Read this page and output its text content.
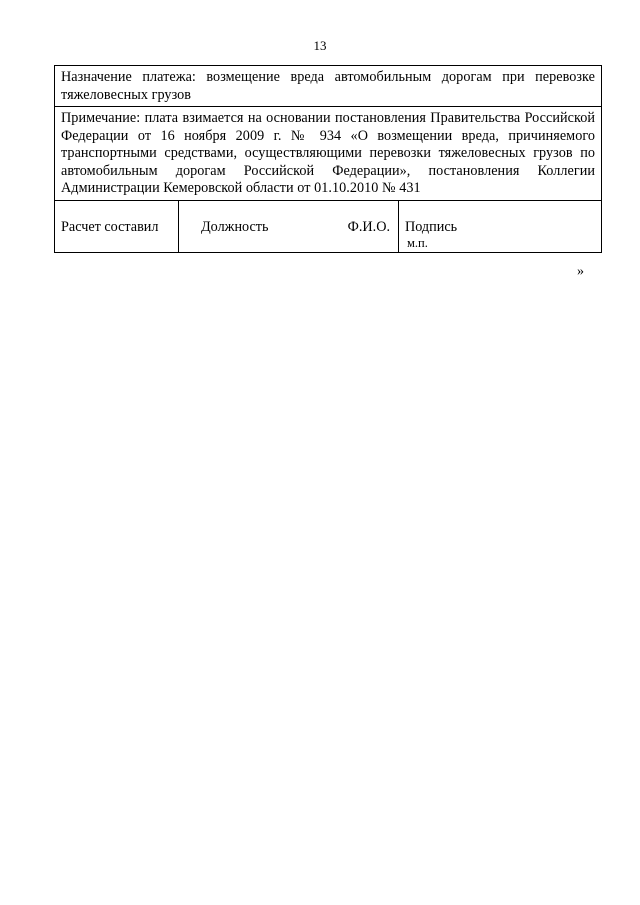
13
Назначение платежа: возмещение вреда автомобильным дорогам при перевозке тяжеловесных грузов
Примечание: плата взимается на основании постановления Правительства Российской Федерации от 16 ноября 2009 г. № 934 «О возмещении вреда, причиняемого транспортными средствами, осуществляющими перевозки тяжеловесных грузов по автомобильным дорогам Российской Федерации», постановления Коллегии Администрации Кемеровской области от 01.10.2010 № 431
Расчет составил	Должность	Ф.И.О. Подпись
м.п.
»
